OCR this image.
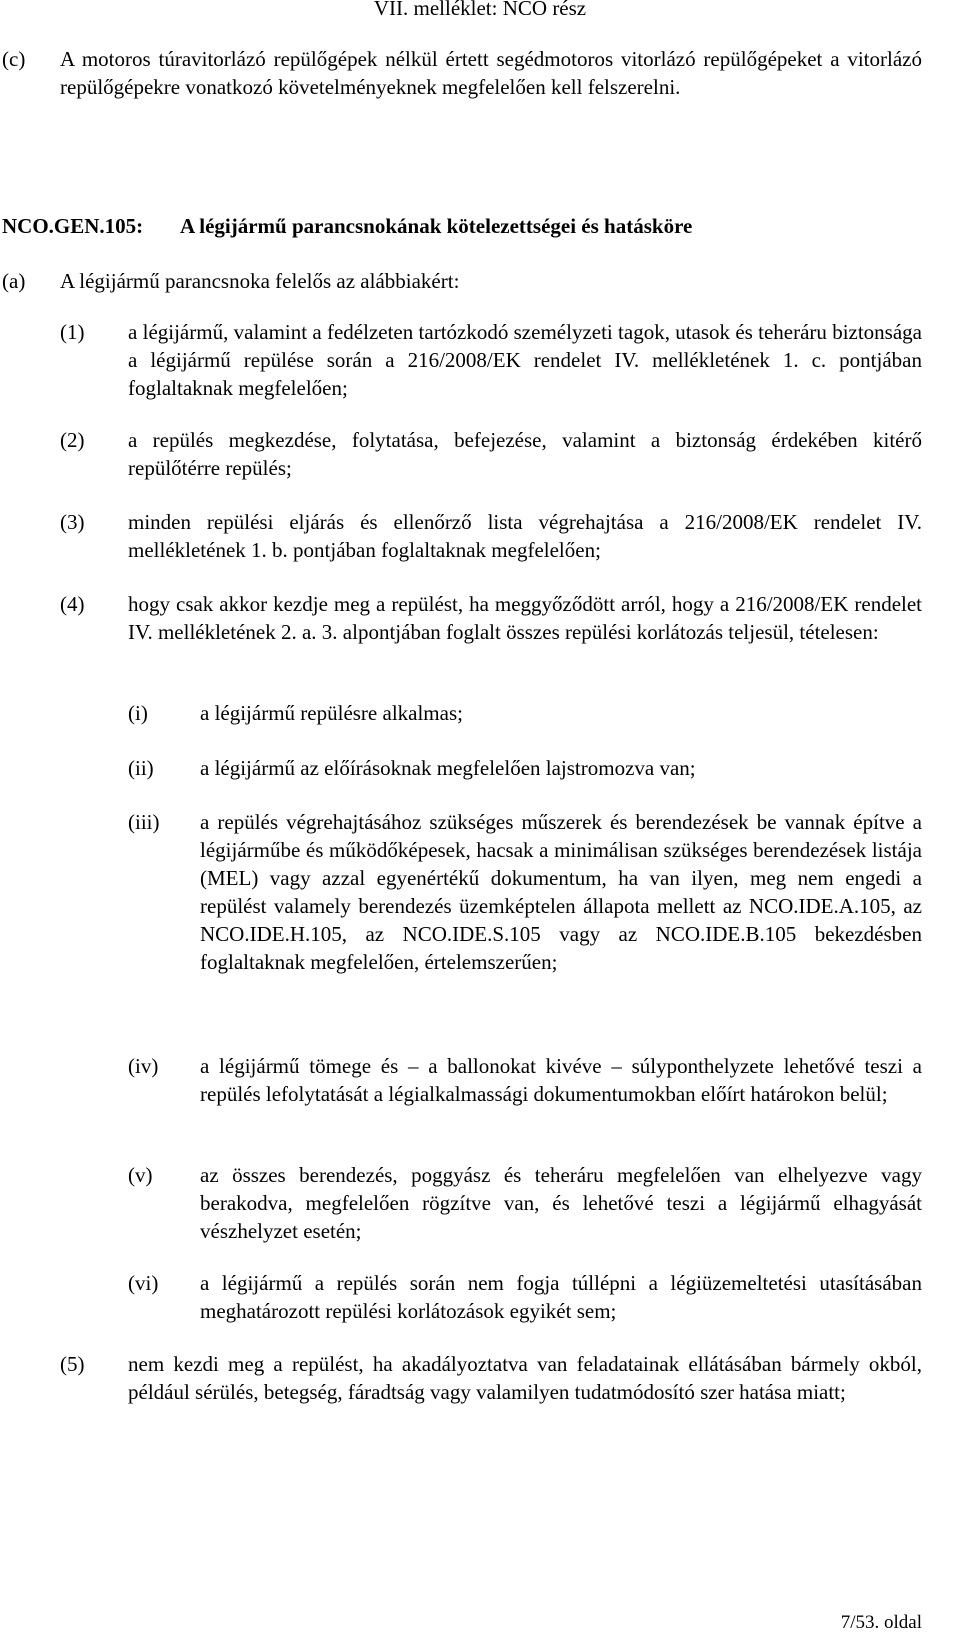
VII. melléklet: NCO rész
(c) A motoros túravitorlázó repülőgépek nélkül értett segédmotoros vitorlázó repülőgépeket a vitorlázó repülőgépekre vonatkozó követelményeknek megfelelően kell felszerelni.
NCO.GEN.105: A légijármű parancsnokának kötelezettségei és hatásköre
(a) A légijármű parancsnoka felelős az alábbiakért:
(1) a légijármű, valamint a fedélzeten tartózkodó személyzeti tagok, utasok és teheráru biztonsága a légijármű repülése során a 216/2008/EK rendelet IV. mellékletének 1. c. pontjában foglaltaknak megfelelően;
(2) a repülés megkezdése, folytatása, befejezése, valamint a biztonság érdekében kitérő repülőtérre repülés;
(3) minden repülési eljárás és ellenőrző lista végrehajtása a 216/2008/EK rendelet IV. mellékletének 1. b. pontjában foglaltaknak megfelelően;
(4) hogy csak akkor kezdje meg a repülést, ha meggyőződött arról, hogy a 216/2008/EK rendelet IV. mellékletének 2. a. 3. alpontjában foglalt összes repülési korlátozás teljesül, tételesen:
(i) a légijármű repülésre alkalmas;
(ii) a légijármű az előírásoknak megfelelően lajstromozva van;
(iii) a repülés végrehajtásához szükséges műszerek és berendezések be vannak építve a légijárműbe és működőképesek, hacsak a minimálisan szükséges berendezések listája (MEL) vagy azzal egyenértékű dokumentum, ha van ilyen, meg nem engedi a repülést valamely berendezés üzemképtelen állapota mellett az NCO.IDE.A.105, az NCO.IDE.H.105, az NCO.IDE.S.105 vagy az NCO.IDE.B.105 bekezdésben foglaltaknak megfelelően, értelemszerűen;
(iv) a légijármű tömege és – a ballonokat kivéve – súlyponthelyzete lehetővé teszi a repülés lefolytatását a légialkalmassági dokumentumokban előírt határokon belül;
(v) az összes berendezés, poggyász és teheráru megfelelően van elhelyezve vagy berakodva, megfelelően rögzítve van, és lehetővé teszi a légijármű elhagyását vészhelyzet esetén;
(vi) a légijármű a repülés során nem fogja túllépni a légiüzemeltetési utasításában meghatározott repülési korlátozások egyikét sem;
(5) nem kezdi meg a repülést, ha akadályoztatva van feladatainak ellátásában bármely okból, például sérülés, betegség, fáradtság vagy valamilyen tudatmódosító szer hatása miatt;
7/53. oldal
